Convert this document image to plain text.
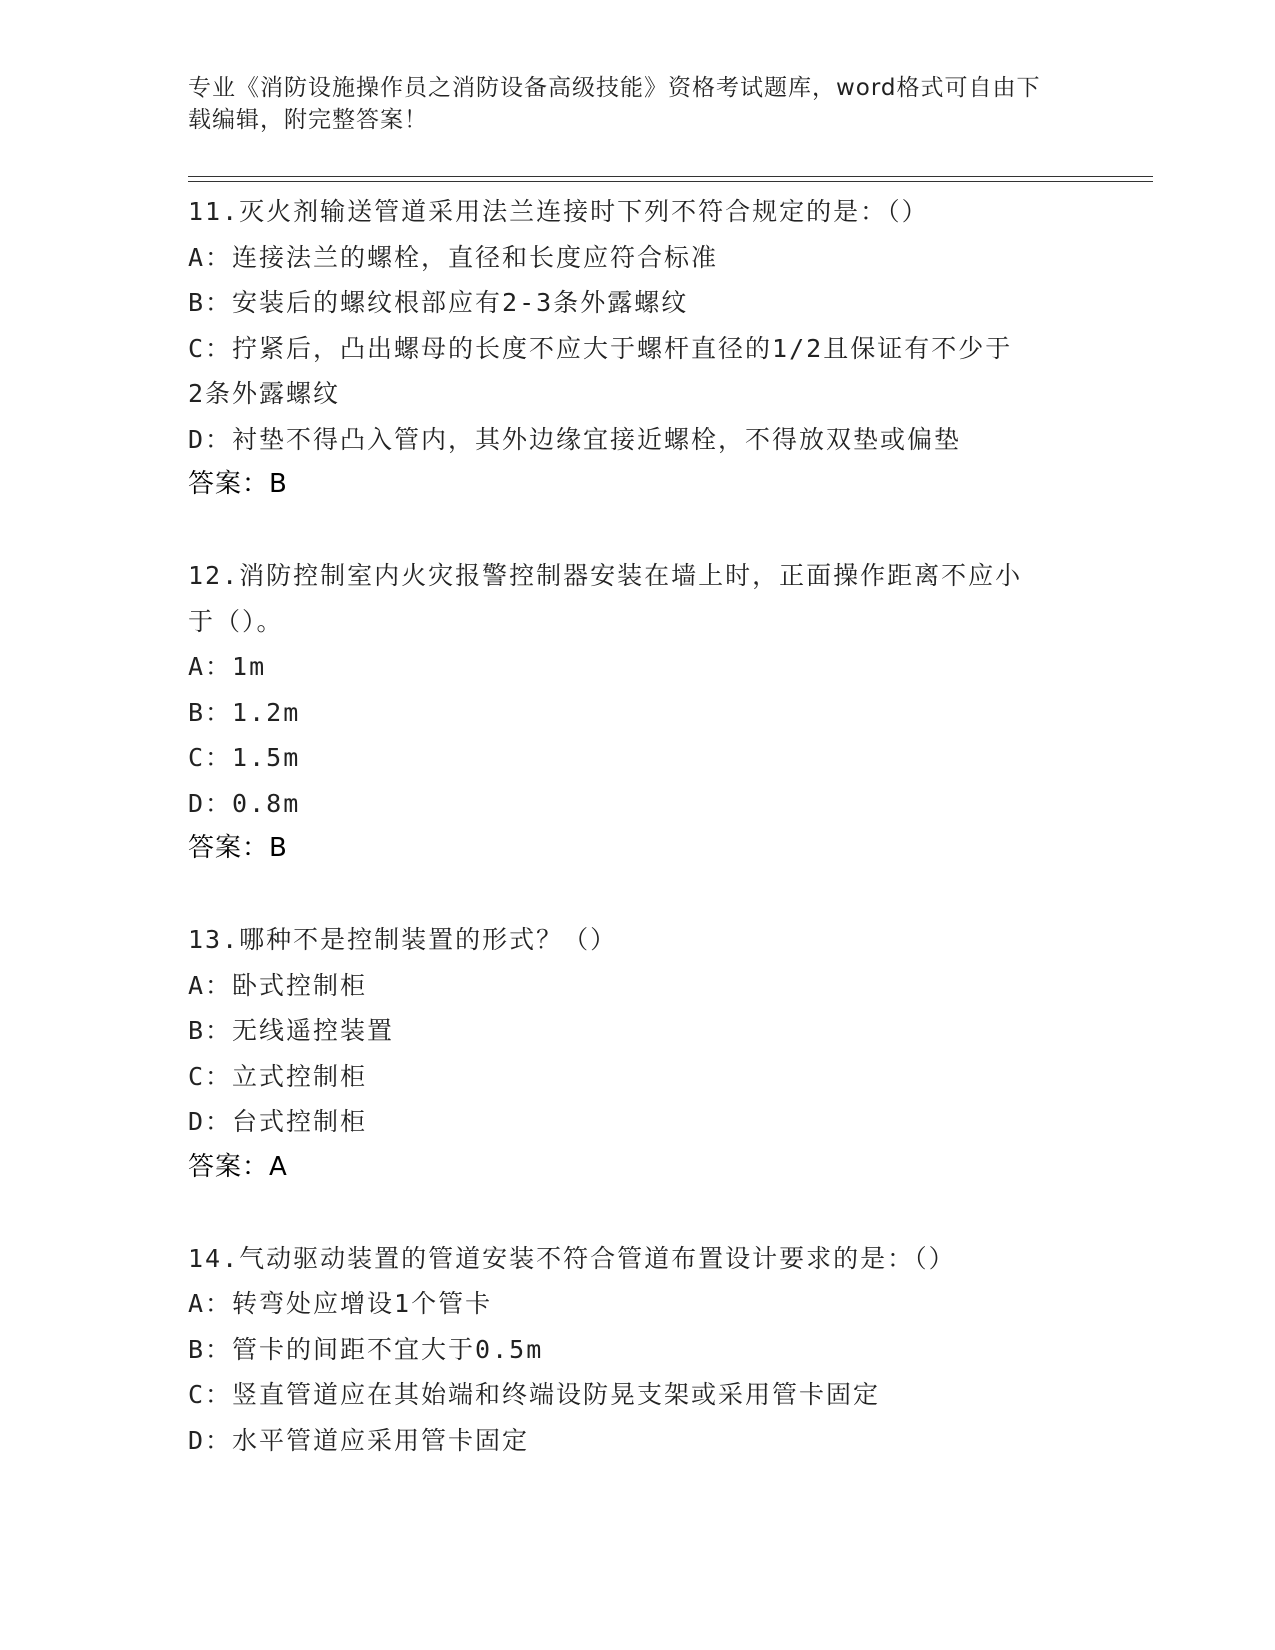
专业《消防设施操作员之消防设备高级技能》资格考试题库，word格式可自由下
载编辑，附完整答案！
11.灭火剂输送管道采用法兰连接时下列不符合规定的是：（）
A：连接法兰的螺栓，直径和长度应符合标准
B：安装后的螺纹根部应有2-3条外露螺纹
C：拧紧后，凸出螺母的长度不应大于螺杆直径的1/2且保证有不少于
2条外露螺纹
D：衬垫不得凸入管内，其外边缘宜接近螺栓，不得放双垫或偏垫
答案：B
12.消防控制室内火灾报警控制器安装在墙上时，正面操作距离不应小
于（）。
A：1m
B：1.2m
C：1.5m
D：0.8m
答案：B
13.哪种不是控制装置的形式？（）
A：卧式控制柜
B：无线遥控装置
C：立式控制柜
D：台式控制柜
答案：A
14.气动驱动装置的管道安装不符合管道布置设计要求的是：（）
A：转弯处应增设1个管卡
B：管卡的间距不宜大于0.5m
C：竖直管道应在其始端和终端设防晃支架或采用管卡固定
D：水平管道应采用管卡固定
